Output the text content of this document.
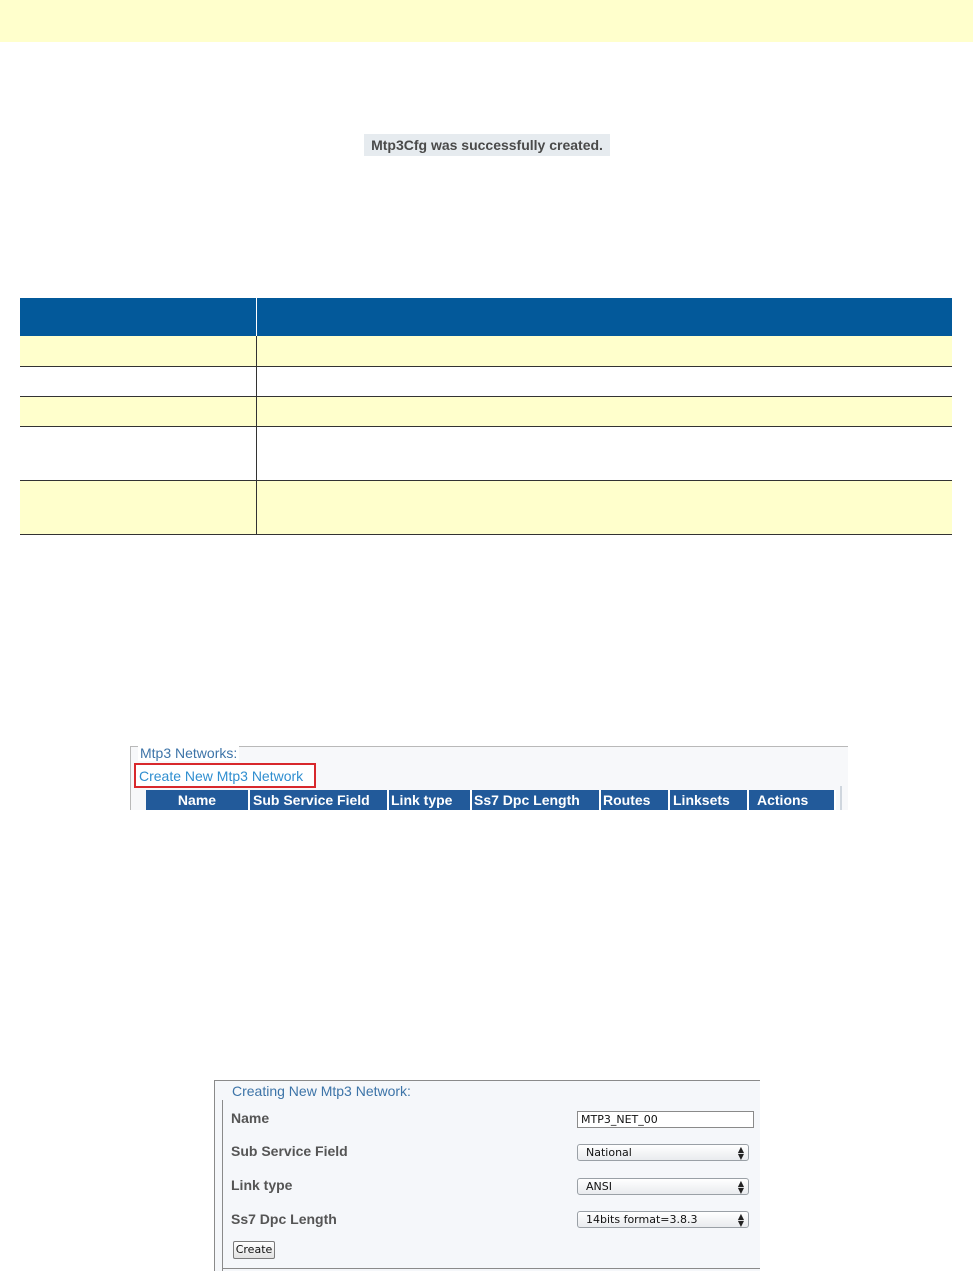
Mtp3Cfg was successfully created.

Mtp3 Networks:
Create New Mtp3 Network
Name	Sub Service Field	Link type	Ss7 Dpc Length	Routes	Linksets	Actions
Creating New Mtp3 Network:
Name	MTP3_NET_00
Sub Service Field	National	▲
▼
Link type	ANSI	▲
▼
Ss7 Dpc Length	14bits format=3.8.3	▲
▼
Create
